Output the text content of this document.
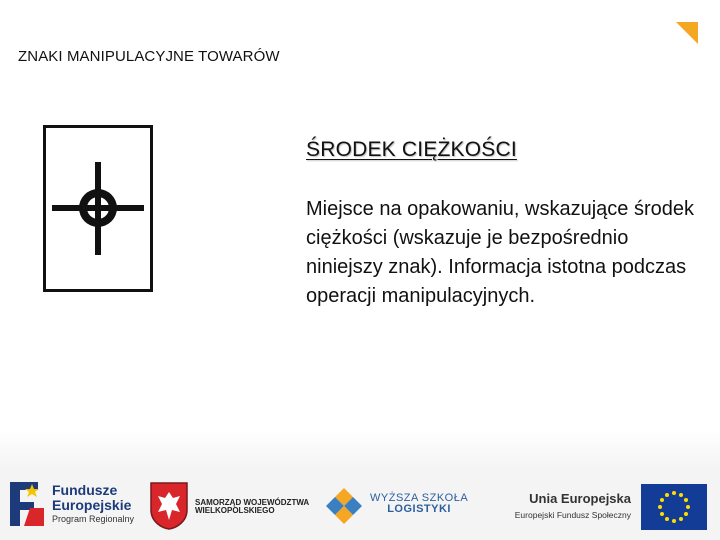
ZNAKI MANIPULACYJNE TOWARÓW
ŚRODEK CIĘŻKOŚCI

Miejsce na opakowaniu, wskazujące środek ciężkości (wskazuje je bezpośrednio niniejszy znak). Informacja istotna podczas operacji manipulacyjnych.

Fundusze
Europejskie
Program Regionalny
SAMORZĄD WOJEWÓDZTWA
WIELKOPOLSKIEGO
WYŻSZA SZKOŁA
LOGISTYKI
Unia Europejska
Europejski Fundusz Społeczny
